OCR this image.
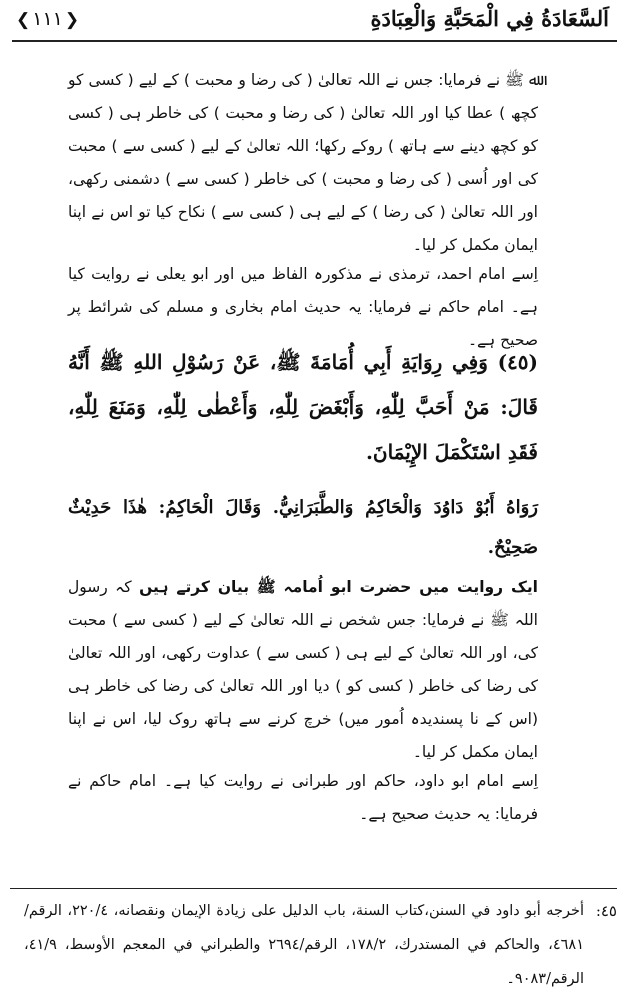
❮ ١١١ ❯	اَلسَّعَادَةُ فِي الْمَحَبَّةِ وَالْعِبَادَةِ
ﷲ ﷺ نے فرمایا: جس نے اللہ تعالیٰ ( کی رضا و محبت ) کے لیے ( کسی کو کچھ ) عطا کیا اور اللہ تعالیٰ ( کی رضا و محبت ) کی خاطر ہی ( کسی کو کچھ دینے سے ہاتھ ) روکے رکھا؛ اللہ تعالیٰ کے لیے ( کسی سے ) محبت کی اور اُسی ( کی رضا و محبت ) کی خاطر ( کسی سے ) دشمنی رکھی، اور اللہ تعالیٰ ( کی رضا ) کے لیے ہی ( کسی سے ) نکاح کیا تو اس نے اپنا ایمان مکمل کر لیا۔
اِسے امام احمد، ترمذی نے مذکورہ الفاظ میں اور ابو یعلی نے روایت کیا ہے۔ امام حاکم نے فرمایا: یہ حدیث امام بخاری و مسلم کی شرائط پر صحیح ہے۔
(٤٥) وَفِي رِوَايَةِ أَبِي أُمَامَةَ ﷺ، عَنْ رَسُوْلِ اللهِ ﷺ أَنَّهُ قَالَ: مَنْ أَحَبَّ لِلّٰهِ، وَأَبْغَضَ لِلّٰهِ، وَأَعْطٰى لِلّٰهِ، وَمَنَعَ لِلّٰهِ، فَقَدِ اسْتَكْمَلَ الإِيْمَانَ.
رَوَاهُ أَبُوْ دَاوُدَ وَالْحَاكِمُ وَالطَّبَرَانِيُّ. وَقَالَ الْحَاكِمُ: هٰذَا حَدِيْثٌ صَحِيْحٌ.
ایک روایت میں حضرت ابو اُمامہ ﷺ بیان کرتے ہیں کہ رسول اللہ ﷺ نے فرمایا: جس شخص نے اللہ تعالیٰ کے لیے ( کسی سے ) محبت کی، اور اللہ تعالیٰ کے لیے ہی ( کسی سے ) عداوت رکھی، اور اللہ تعالیٰ کی رضا کی خاطر ( کسی کو ) دیا اور اللہ تعالیٰ کی رضا کی خاطر ہی (اس کے نا پسندیدہ اُمور میں) خرچ کرنے سے ہاتھ روک لیا، اس نے اپنا ایمان مکمل کر لیا۔
اِسے امام ابو داود، حاکم اور طبرانی نے روایت کیا ہے۔ امام حاکم نے فرمایا: یہ حدیث صحیح ہے۔
٤٥:
أخرجه أبو داود في السنن،كتاب السنة، باب الدليل على زيادة الإيمان ونقصانه، ٢٢٠/٤، الرقم/٤٦٨١، والحاكم في المستدرك، ١٧٨/٢، الرقم/٢٦٩٤ والطبراني في المعجم الأوسط، ٤١/٩، الرقم/٩٠٨٣۔
